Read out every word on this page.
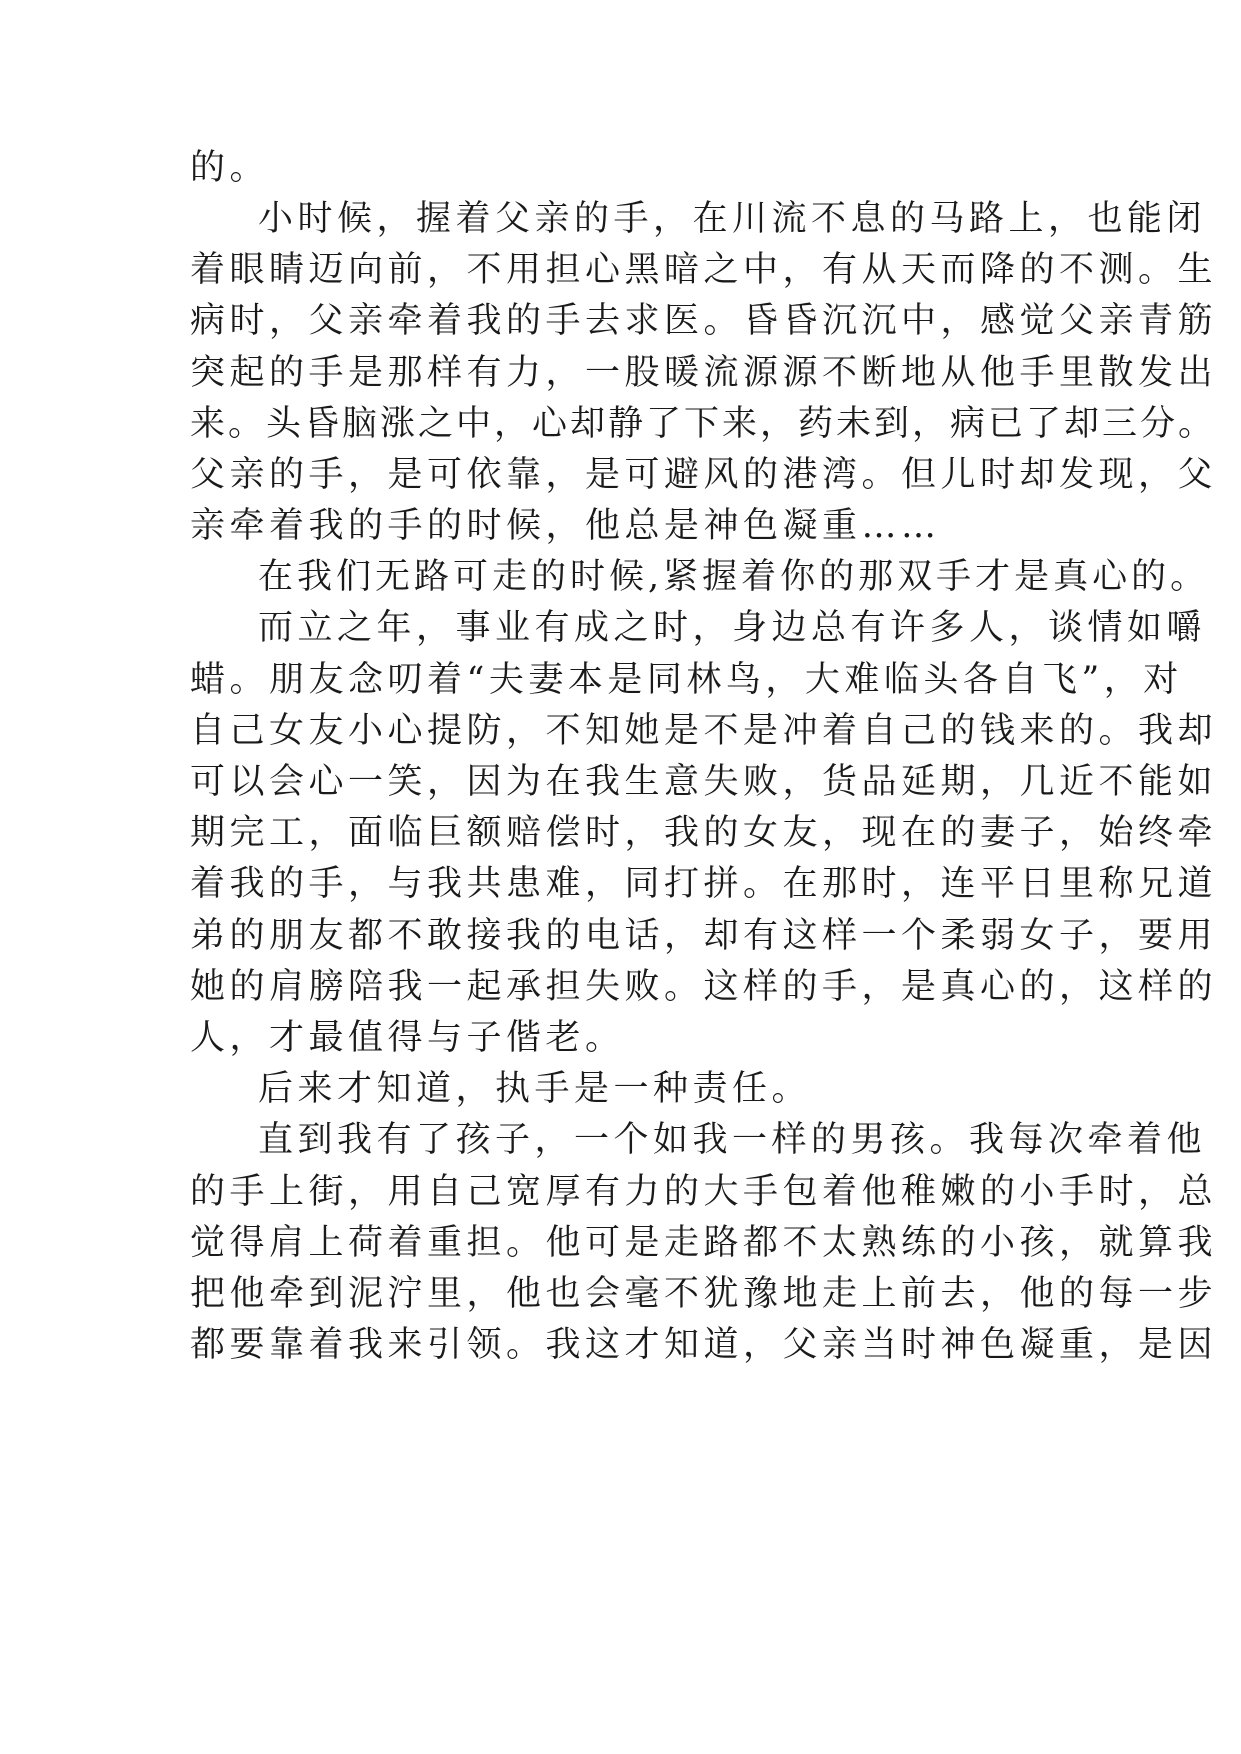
的。
小时候，握着父亲的手，在川流不息的马路上，也能闭
着眼睛迈向前，不用担心黑暗之中，有从天而降的不测。生
病时，父亲牵着我的手去求医。昏昏沉沉中，感觉父亲青筋
突起的手是那样有力，一股暖流源源不断地从他手里散发出
来。头昏脑涨之中，心却静了下来，药未到，病已了却三分。
父亲的手，是可依靠，是可避风的港湾。但儿时却发现，父
亲牵着我的手的时候，他总是神色凝重……
在我们无路可走的时候,紧握着你的那双手才是真心的。
而立之年，事业有成之时，身边总有许多人，谈情如嚼
蜡。朋友念叨着“夫妻本是同林鸟，大难临头各自飞”，对
自己女友小心提防，不知她是不是冲着自己的钱来的。我却
可以会心一笑，因为在我生意失败，货品延期，几近不能如
期完工，面临巨额赔偿时，我的女友，现在的妻子，始终牵
着我的手，与我共患难，同打拼。在那时，连平日里称兄道
弟的朋友都不敢接我的电话，却有这样一个柔弱女子，要用
她的肩膀陪我一起承担失败。这样的手，是真心的，这样的
人，才最值得与子偕老。
后来才知道，执手是一种责任。
直到我有了孩子，一个如我一样的男孩。我每次牵着他
的手上街，用自己宽厚有力的大手包着他稚嫩的小手时，总
觉得肩上荷着重担。他可是走路都不太熟练的小孩，就算我
把他牵到泥泞里，他也会毫不犹豫地走上前去，他的每一步
都要靠着我来引领。我这才知道，父亲当时神色凝重，是因
